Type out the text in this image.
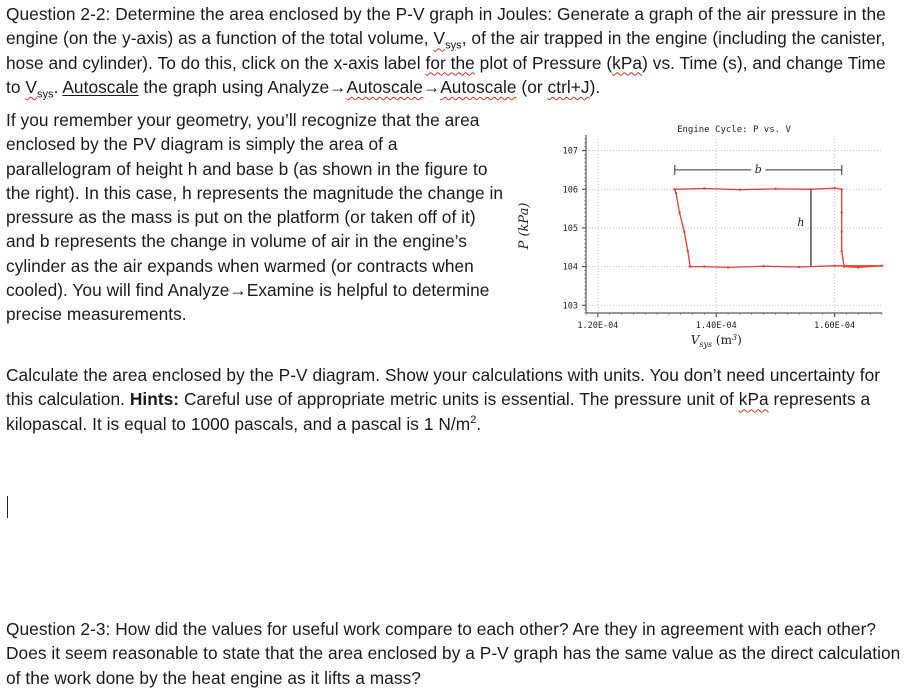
Question 2-2: Determine the area enclosed by the P-V graph in Joules: Generate a graph of the air pressure in the engine (on the y-axis) as a function of the total volume, $V_{sys}$, of the air trapped in the engine (including the canister, hose and cylinder). To do this, click on the x-axis label for the plot of Pressure (kPa) vs. Time (s), and change Time to $V_{sys}$. Autoscale the graph using Analyze→Autoscale→Autoscale (or ctrl+J).

If you remember your geometry, you’ll recognize that the area enclosed by the PV diagram is simply the area of a parallelogram of height h and base b (as shown in the figure to the right). In this case, h represents the magnitude the change in pressure as the mass is put on the platform (or taken off of it) and b represents the change in volume of air in the engine’s cylinder as the air expands when warmed (or contracts when cooled). You will find Analyze→Examine is helpful to determine precise measurements.

Engine Cycle: P vs. V
P (kPa)
$V_{sys}$ $(m^3)$
103
104
105
106
107
1.20E-04	1.40E-04	1.60E-04
b
h

Calculate the area enclosed by the P-V diagram. Show your calculations with units. You don’t need uncertainty for this calculation. Hints: Careful use of appropriate metric units is essential. The pressure unit of kPa represents a kilopascal. It is equal to 1000 pascals, and a pascal is 1 $N/m^2$.

Question 2-3: How did the values for useful work compare to each other? Are they in agreement with each other? Does it seem reasonable to state that the area enclosed by a P-V graph has the same value as the direct calculation of the work done by the heat engine as it lifts a mass?
